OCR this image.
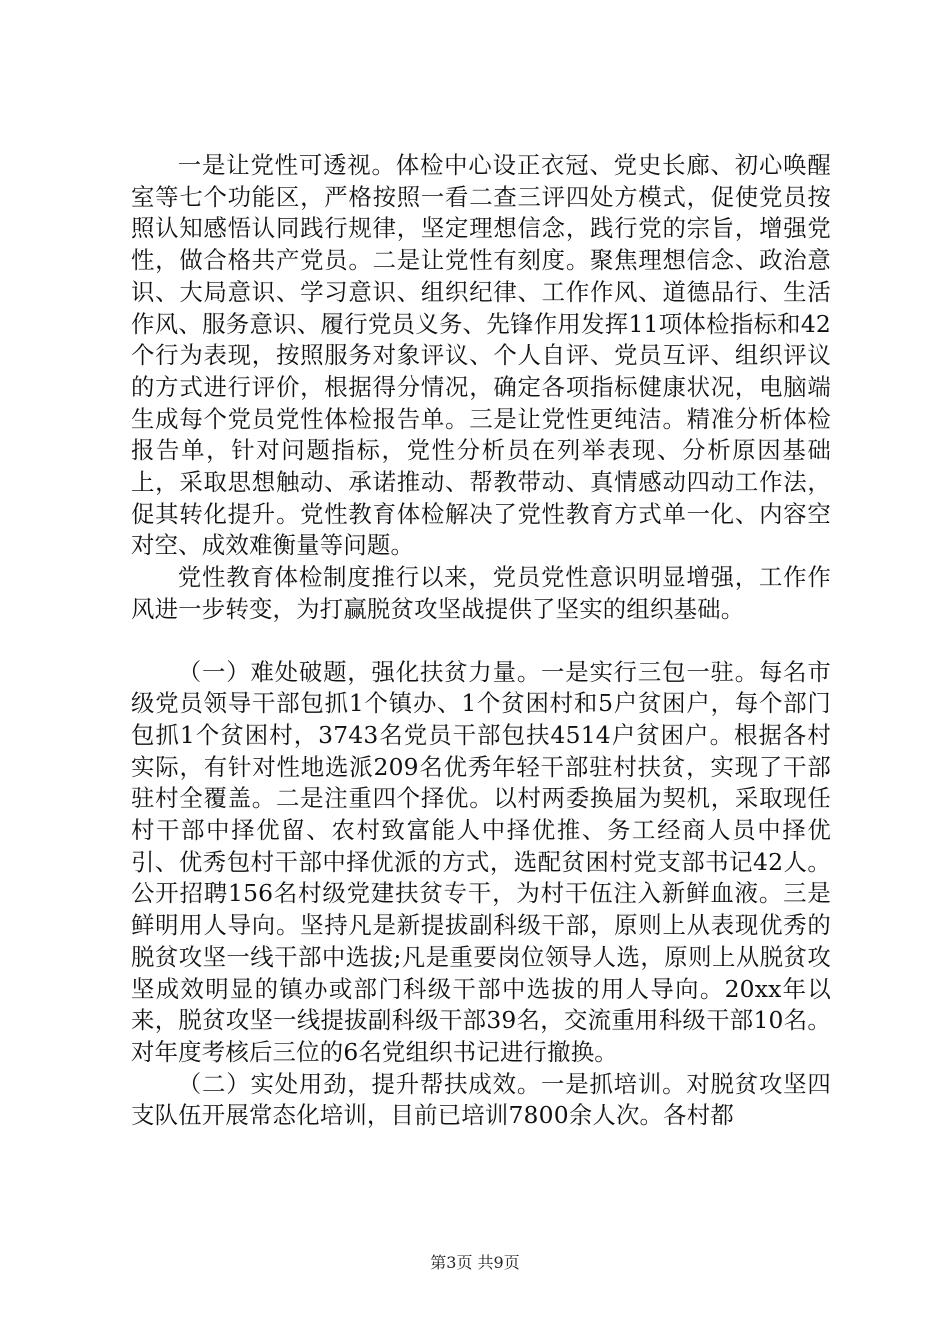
一是让党性可透视。体检中心设正衣冠、党史长廊、初心唤醒室等七个功能区，严格按照一看二查三评四处方模式，促使党员按照认知感悟认同践行规律，坚定理想信念，践行党的宗旨，增强党性，做合格共产党员。二是让党性有刻度。聚焦理想信念、政治意识、大局意识、学习意识、组织纪律、工作作风、道德品行、生活作风、服务意识、履行党员义务、先锋作用发挥11项体检指标和42个行为表现，按照服务对象评议、个人自评、党员互评、组织评议的方式进行评价，根据得分情况，确定各项指标健康状况，电脑端生成每个党员党性体检报告单。三是让党性更纯洁。精准分析体检报告单，针对问题指标，党性分析员在列举表现、分析原因基础上，采取思想触动、承诺推动、帮教带动、真情感动四动工作法，促其转化提升。党性教育体检解决了党性教育方式单一化、内容空对空、成效难衡量等问题。

党性教育体检制度推行以来，党员党性意识明显增强，工作作风进一步转变，为打赢脱贫攻坚战提供了坚实的组织基础。

（一）难处破题，强化扶贫力量。一是实行三包一驻。每名市级党员领导干部包抓1个镇办、1个贫困村和5户贫困户，每个部门包抓1个贫困村，3743名党员干部包扶4514户贫困户。根据各村实际，有针对性地选派209名优秀年轻干部驻村扶贫，实现了干部驻村全覆盖。二是注重四个择优。以村两委换届为契机，采取现任村干部中择优留、农村致富能人中择优推、务工经商人员中择优引、优秀包村干部中择优派的方式，选配贫困村党支部书记42人。公开招聘156名村级党建扶贫专干，为村干伍注入新鲜血液。三是鲜明用人导向。坚持凡是新提拔副科级干部，原则上从表现优秀的脱贫攻坚一线干部中选拔;凡是重要岗位领导人选，原则上从脱贫攻坚成效明显的镇办或部门科级干部中选拔的用人导向。20xx年以来，脱贫攻坚一线提拔副科级干部39名，交流重用科级干部10名。对年度考核后三位的6名党组织书记进行撤换。

（二）实处用劲，提升帮扶成效。一是抓培训。对脱贫攻坚四支队伍开展常态化培训，目前已培训7800余人次。各村都

第3页 共9页
